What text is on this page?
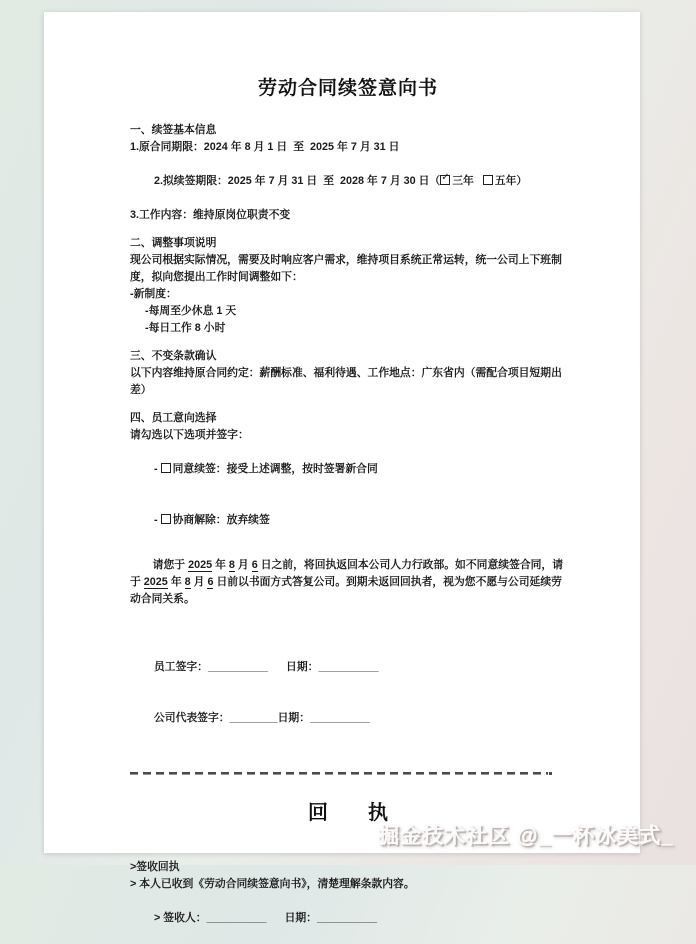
劳动合同续签意向书
一、续签基本信息
1.原合同期限：2024 年 8 月 1 日  至  2025 年 7 月 31 日

2.拟续签期限：2025 年 7 月 31 日  至  2028 年 7 月 30 日（ ✓ 三年 五年）

3.工作内容：维持原岗位职责不变
二、调整事项说明

现公司根据实际情况，需要及时响应客户需求，维持项目系统正常运转，统一公司上下班制度，拟向您提出工作时间调整如下：

-新制度：
-每周至少休息 1 天
-每日工作 8 小时
三、不变条款确认

以下内容维持原合同约定：薪酬标准、福利待遇、工作地点：广东省内（需配合项目短期出差）

四、员工意向选择
请勾选以下选项并签字：

- 同意续签：接受上述调整，按时签署新合同

- 协商解除：放弃续签

请您于 2025 年 8 月 6 日之前，将回执返回本公司人力行政部。如不同意续签合同，请于 2025 年 8 月 6 日前以书面方式答复公司。到期未返回回执者，视为您不愿与公司延续劳动合同关系。

员工签字：__________ 日期：__________

公司代表签字：________日期：__________

回　　执
>签收回执
> 本人已收到《劳动合同续签意向书》，清楚理解条款内容。

> 签收人：__________ 日期：__________

掘金技术社区 @_一杯冰美式_
